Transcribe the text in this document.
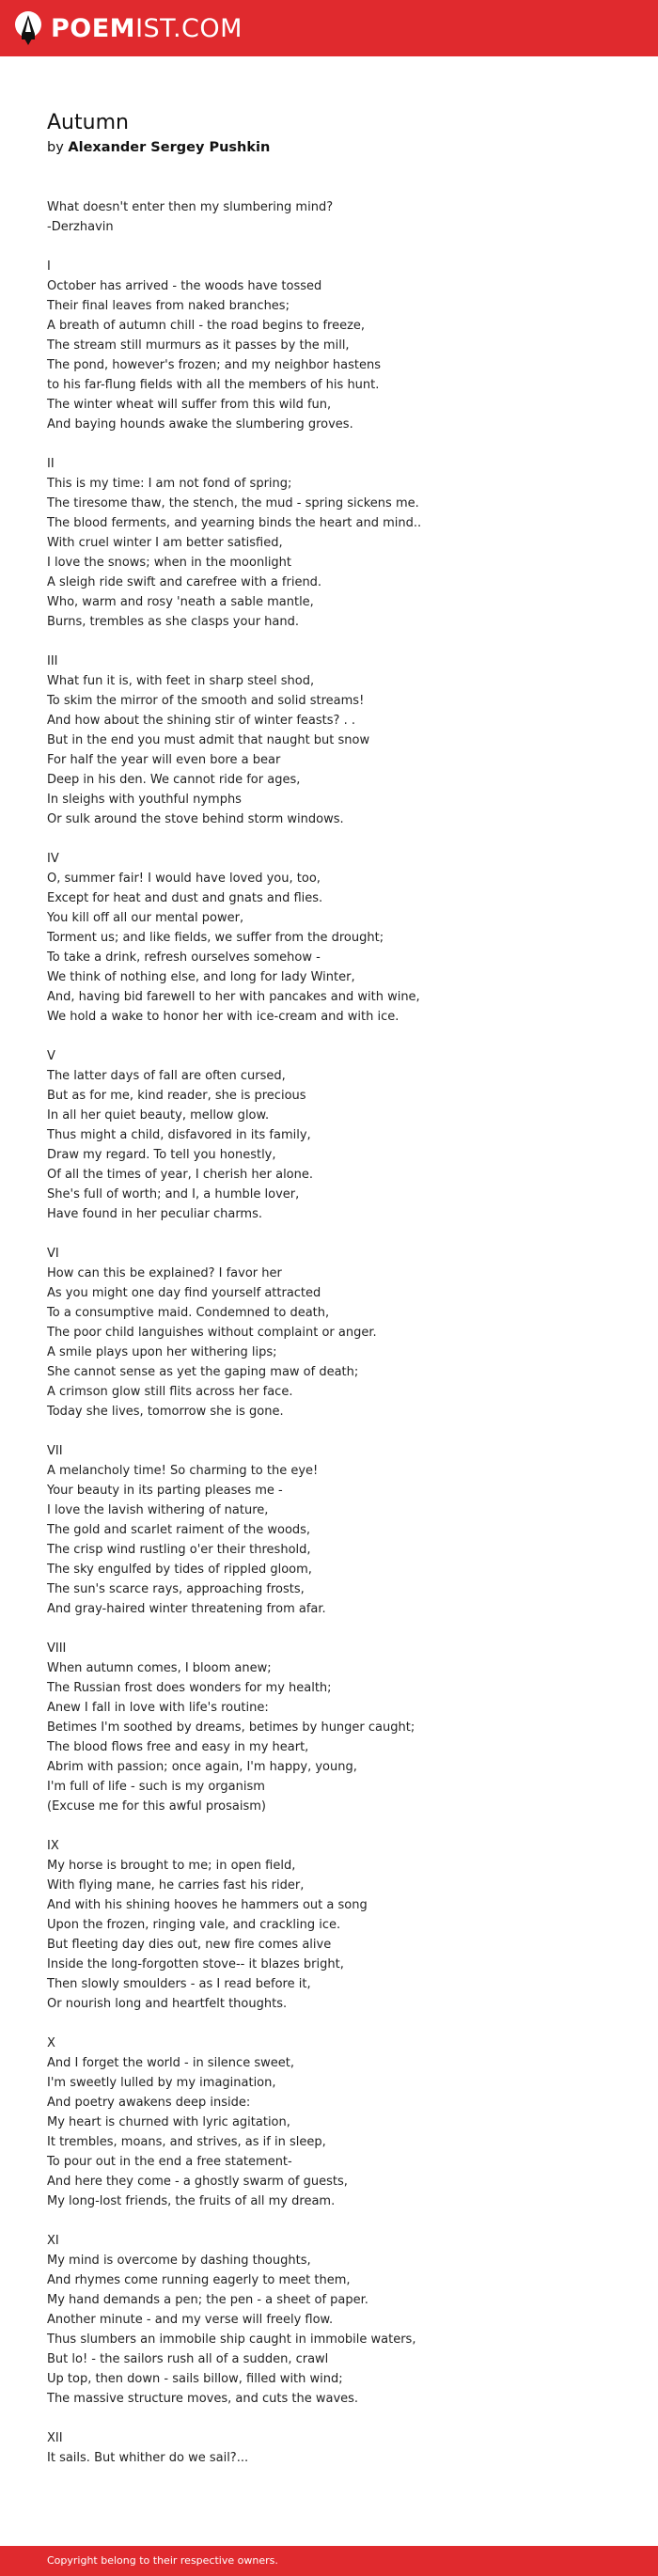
POEMIST.COM
Autumn
by Alexander Sergey Pushkin
What doesn't enter then my slumbering mind?
-Derzhavin
I
October has arrived - the woods have tossed
Their final leaves from naked branches;
A breath of autumn chill - the road begins to freeze,
The stream still murmurs as it passes by the mill,
The pond, however's frozen; and my neighbor hastens
to his far-flung fields with all the members of his hunt.
The winter wheat will suffer from this wild fun,
And baying hounds awake the slumbering groves.
II
This is my time: I am not fond of spring;
The tiresome thaw, the stench, the mud - spring sickens me.
The blood ferments, and yearning binds the heart and mind..
With cruel winter I am better satisfied,
I love the snows; when in the moonlight
A sleigh ride swift and carefree with a friend.
Who, warm and rosy 'neath a sable mantle,
Burns, trembles as she clasps your hand.
III
What fun it is, with feet in sharp steel shod,
To skim the mirror of the smooth and solid streams!
And how about the shining stir of winter feasts? . .
But in the end you must admit that naught but snow
For half the year will even bore a bear
Deep in his den. We cannot ride for ages,
In sleighs with youthful nymphs
Or sulk around the stove behind storm windows.
IV
O, summer fair! I would have loved you, too,
Except for heat and dust and gnats and flies.
You kill off all our mental power,
Torment us; and like fields, we suffer from the drought;
To take a drink, refresh ourselves somehow -
We think of nothing else, and long for lady Winter,
And, having bid farewell to her with pancakes and with wine,
We hold a wake to honor her with ice-cream and with ice.
V
The latter days of fall are often cursed,
But as for me, kind reader, she is precious
In all her quiet beauty, mellow glow.
Thus might a child, disfavored in its family,
Draw my regard. To tell you honestly,
Of all the times of year, I cherish her alone.
She's full of worth; and I, a humble lover,
Have found in her peculiar charms.
VI
How can this be explained? I favor her
As you might one day find yourself attracted
To a consumptive maid. Condemned to death,
The poor child languishes without complaint or anger.
A smile plays upon her withering lips;
She cannot sense as yet the gaping maw of death;
A crimson glow still flits across her face.
Today she lives, tomorrow she is gone.
VII
A melancholy time! So charming to the eye!
Your beauty in its parting pleases me -
I love the lavish withering of nature,
The gold and scarlet raiment of the woods,
The crisp wind rustling o'er their threshold,
The sky engulfed by tides of rippled gloom,
The sun's scarce rays, approaching frosts,
And gray-haired winter threatening from afar.
VIII
When autumn comes, I bloom anew;
The Russian frost does wonders for my health;
Anew I fall in love with life's routine:
Betimes I'm soothed by dreams, betimes by hunger caught;
The blood flows free and easy in my heart,
Abrim with passion; once again, I'm happy, young,
I'm full of life - such is my organism
(Excuse me for this awful prosaism)
IX
My horse is brought to me; in open field,
With flying mane, he carries fast his rider,
And with his shining hooves he hammers out a song
Upon the frozen, ringing vale, and crackling ice.
But fleeting day dies out, new fire comes alive
Inside the long-forgotten stove-- it blazes bright,
Then slowly smoulders - as I read before it,
Or nourish long and heartfelt thoughts.
X
And I forget the world - in silence sweet,
I'm sweetly lulled by my imagination,
And poetry awakens deep inside:
My heart is churned with lyric agitation,
It trembles, moans, and strives, as if in sleep,
To pour out in the end a free statement-
And here they come - a ghostly swarm of guests,
My long-lost friends, the fruits of all my dream.
XI
My mind is overcome by dashing thoughts,
And rhymes come running eagerly to meet them,
My hand demands a pen; the pen - a sheet of paper.
Another minute - and my verse will freely flow.
Thus slumbers an immobile ship caught in immobile waters,
But lo! - the sailors rush all of a sudden, crawl
Up top, then down - sails billow, filled with wind;
The massive structure moves, and cuts the waves.
XII
It sails. But whither do we sail?...
Copyright belong to their respective owners.
